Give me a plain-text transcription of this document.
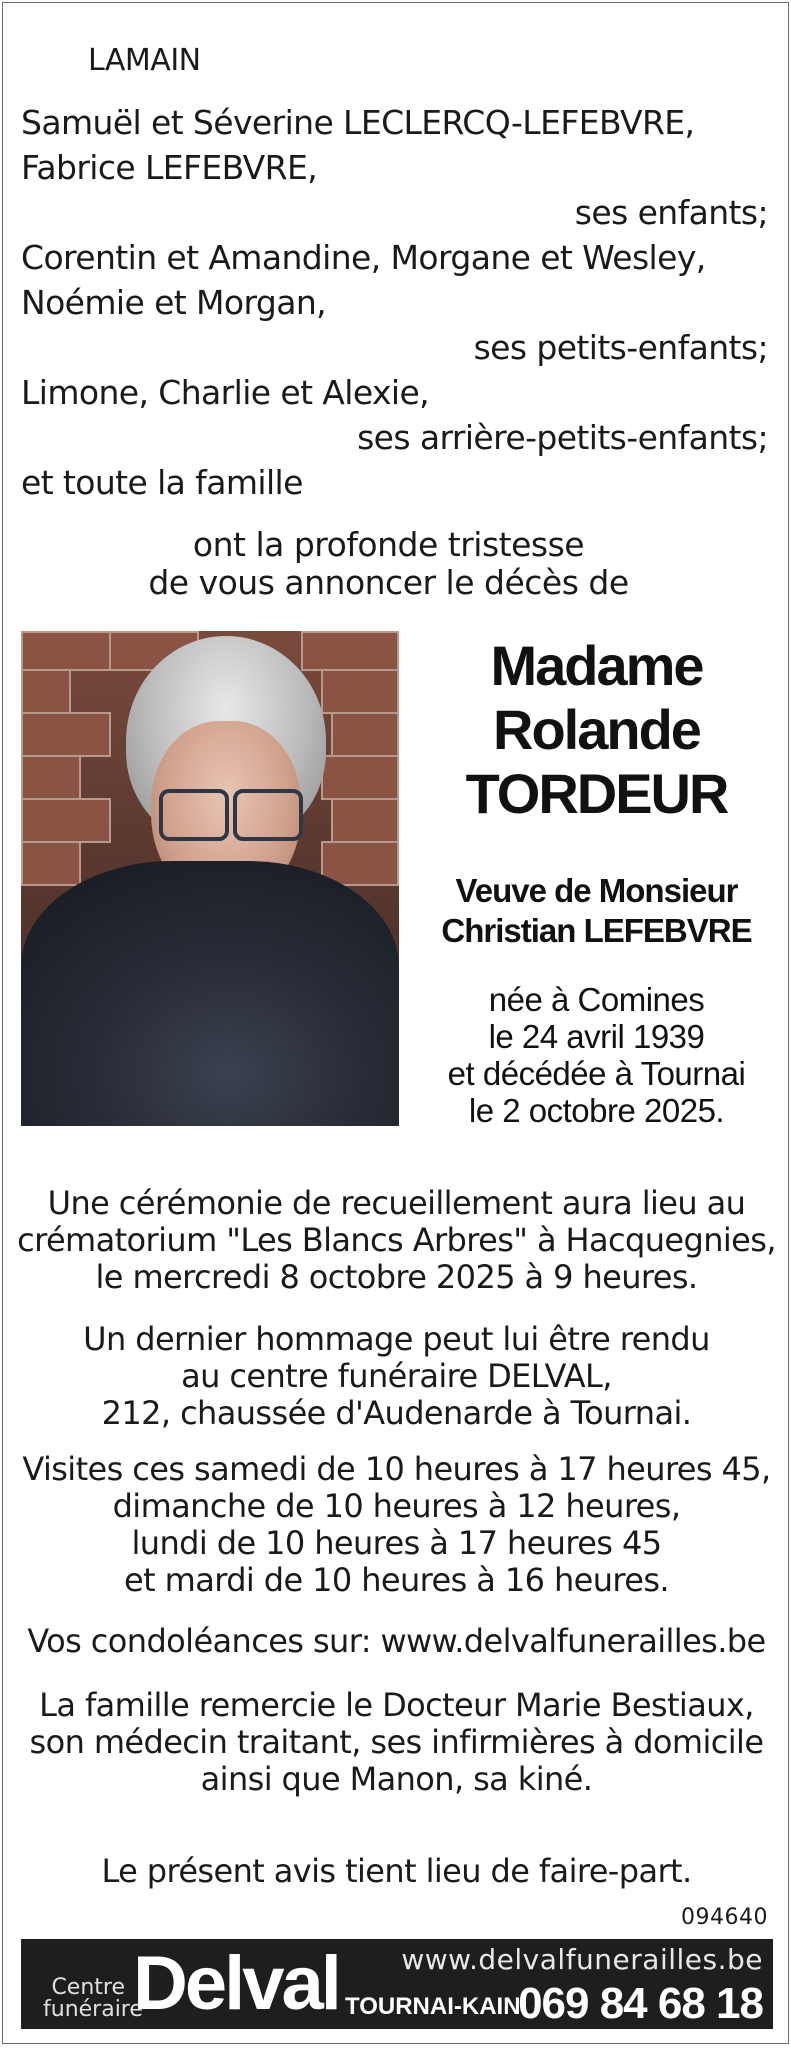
LAMAIN
Samuël et Séverine LECLERCQ-LEFEBVRE,
Fabrice LEFEBVRE,
ses enfants;
Corentin et Amandine, Morgane et Wesley,
Noémie et Morgan,
ses petits-enfants;
Limone, Charlie et Alexie,
ses arrière-petits-enfants;
et toute la famille
ont la profonde tristesse
de vous annoncer le décès de
Madame
Rolande
TORDEUR
Veuve de Monsieur
Christian LEFEBVRE
née à Comines
le 24 avril 1939
et décédée à Tournai
le 2 octobre 2025.
Une cérémonie de recueillement aura lieu au
crématorium "Les Blancs Arbres" à Hacquegnies,
le mercredi 8 octobre 2025 à 9 heures.
Un dernier hommage peut lui être rendu
au centre funéraire DELVAL,
212, chaussée d'Audenarde à Tournai.
Visites ces samedi de 10 heures à 17 heures 45,
dimanche de 10 heures à 12 heures,
lundi de 10 heures à 17 heures 45
et mardi de 10 heures à 16 heures.
Vos condoléances sur: www.delvalfunerailles.be
La famille remercie le Docteur Marie Bestiaux,
son médecin traitant, ses infirmières à domicile
ainsi que Manon, sa kiné.
Le présent avis tient lieu de faire-part.
094640
Centre
funéraire
Delval www.delvalfunerailles.be
TOURNAI-KAIN
069 84 68 18
